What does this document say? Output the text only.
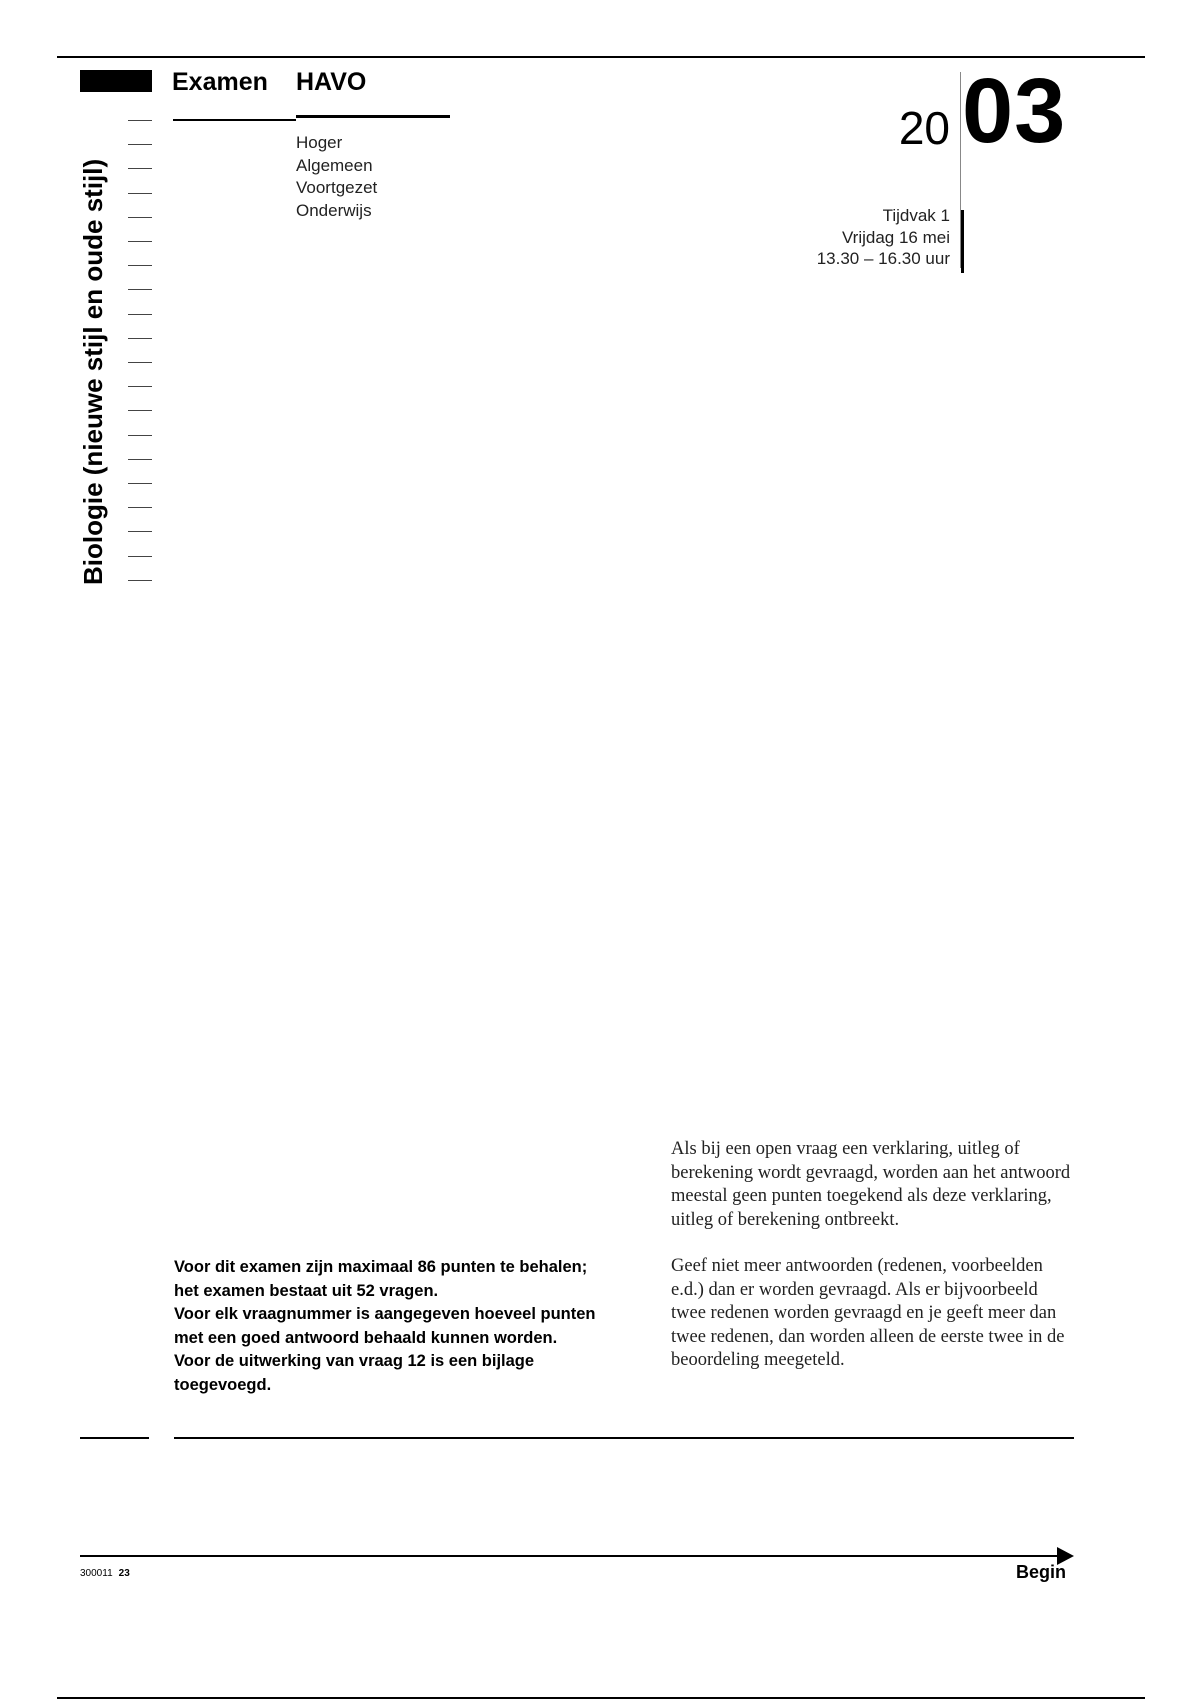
Biologie (nieuwe stijl en oude stijl)
Examen HAVO
Hoger
Algemeen
Voortgezet
Onderwijs
20 03
Tijdvak 1
Vrijdag 16 mei
13.30 – 16.30 uur

Als bij een open vraag een verklaring, uitleg of berekening wordt gevraagd, worden aan het antwoord meestal geen punten toegekend als deze verklaring, uitleg of berekening ontbreekt.

Geef niet meer antwoorden (redenen, voorbeelden e.d.) dan er worden gevraagd. Als er bijvoorbeeld twee redenen worden gevraagd en je geeft meer dan twee redenen, dan worden alleen de eerste twee in de beoordeling meegeteld.

Voor dit examen zijn maximaal 86 punten te behalen; het examen bestaat uit 52 vragen.

Voor elk vraagnummer is aangegeven hoeveel punten met een goed antwoord behaald kunnen worden.

Voor de uitwerking van vraag 12 is een bijlage toegevoegd.

300011 23	Begin
